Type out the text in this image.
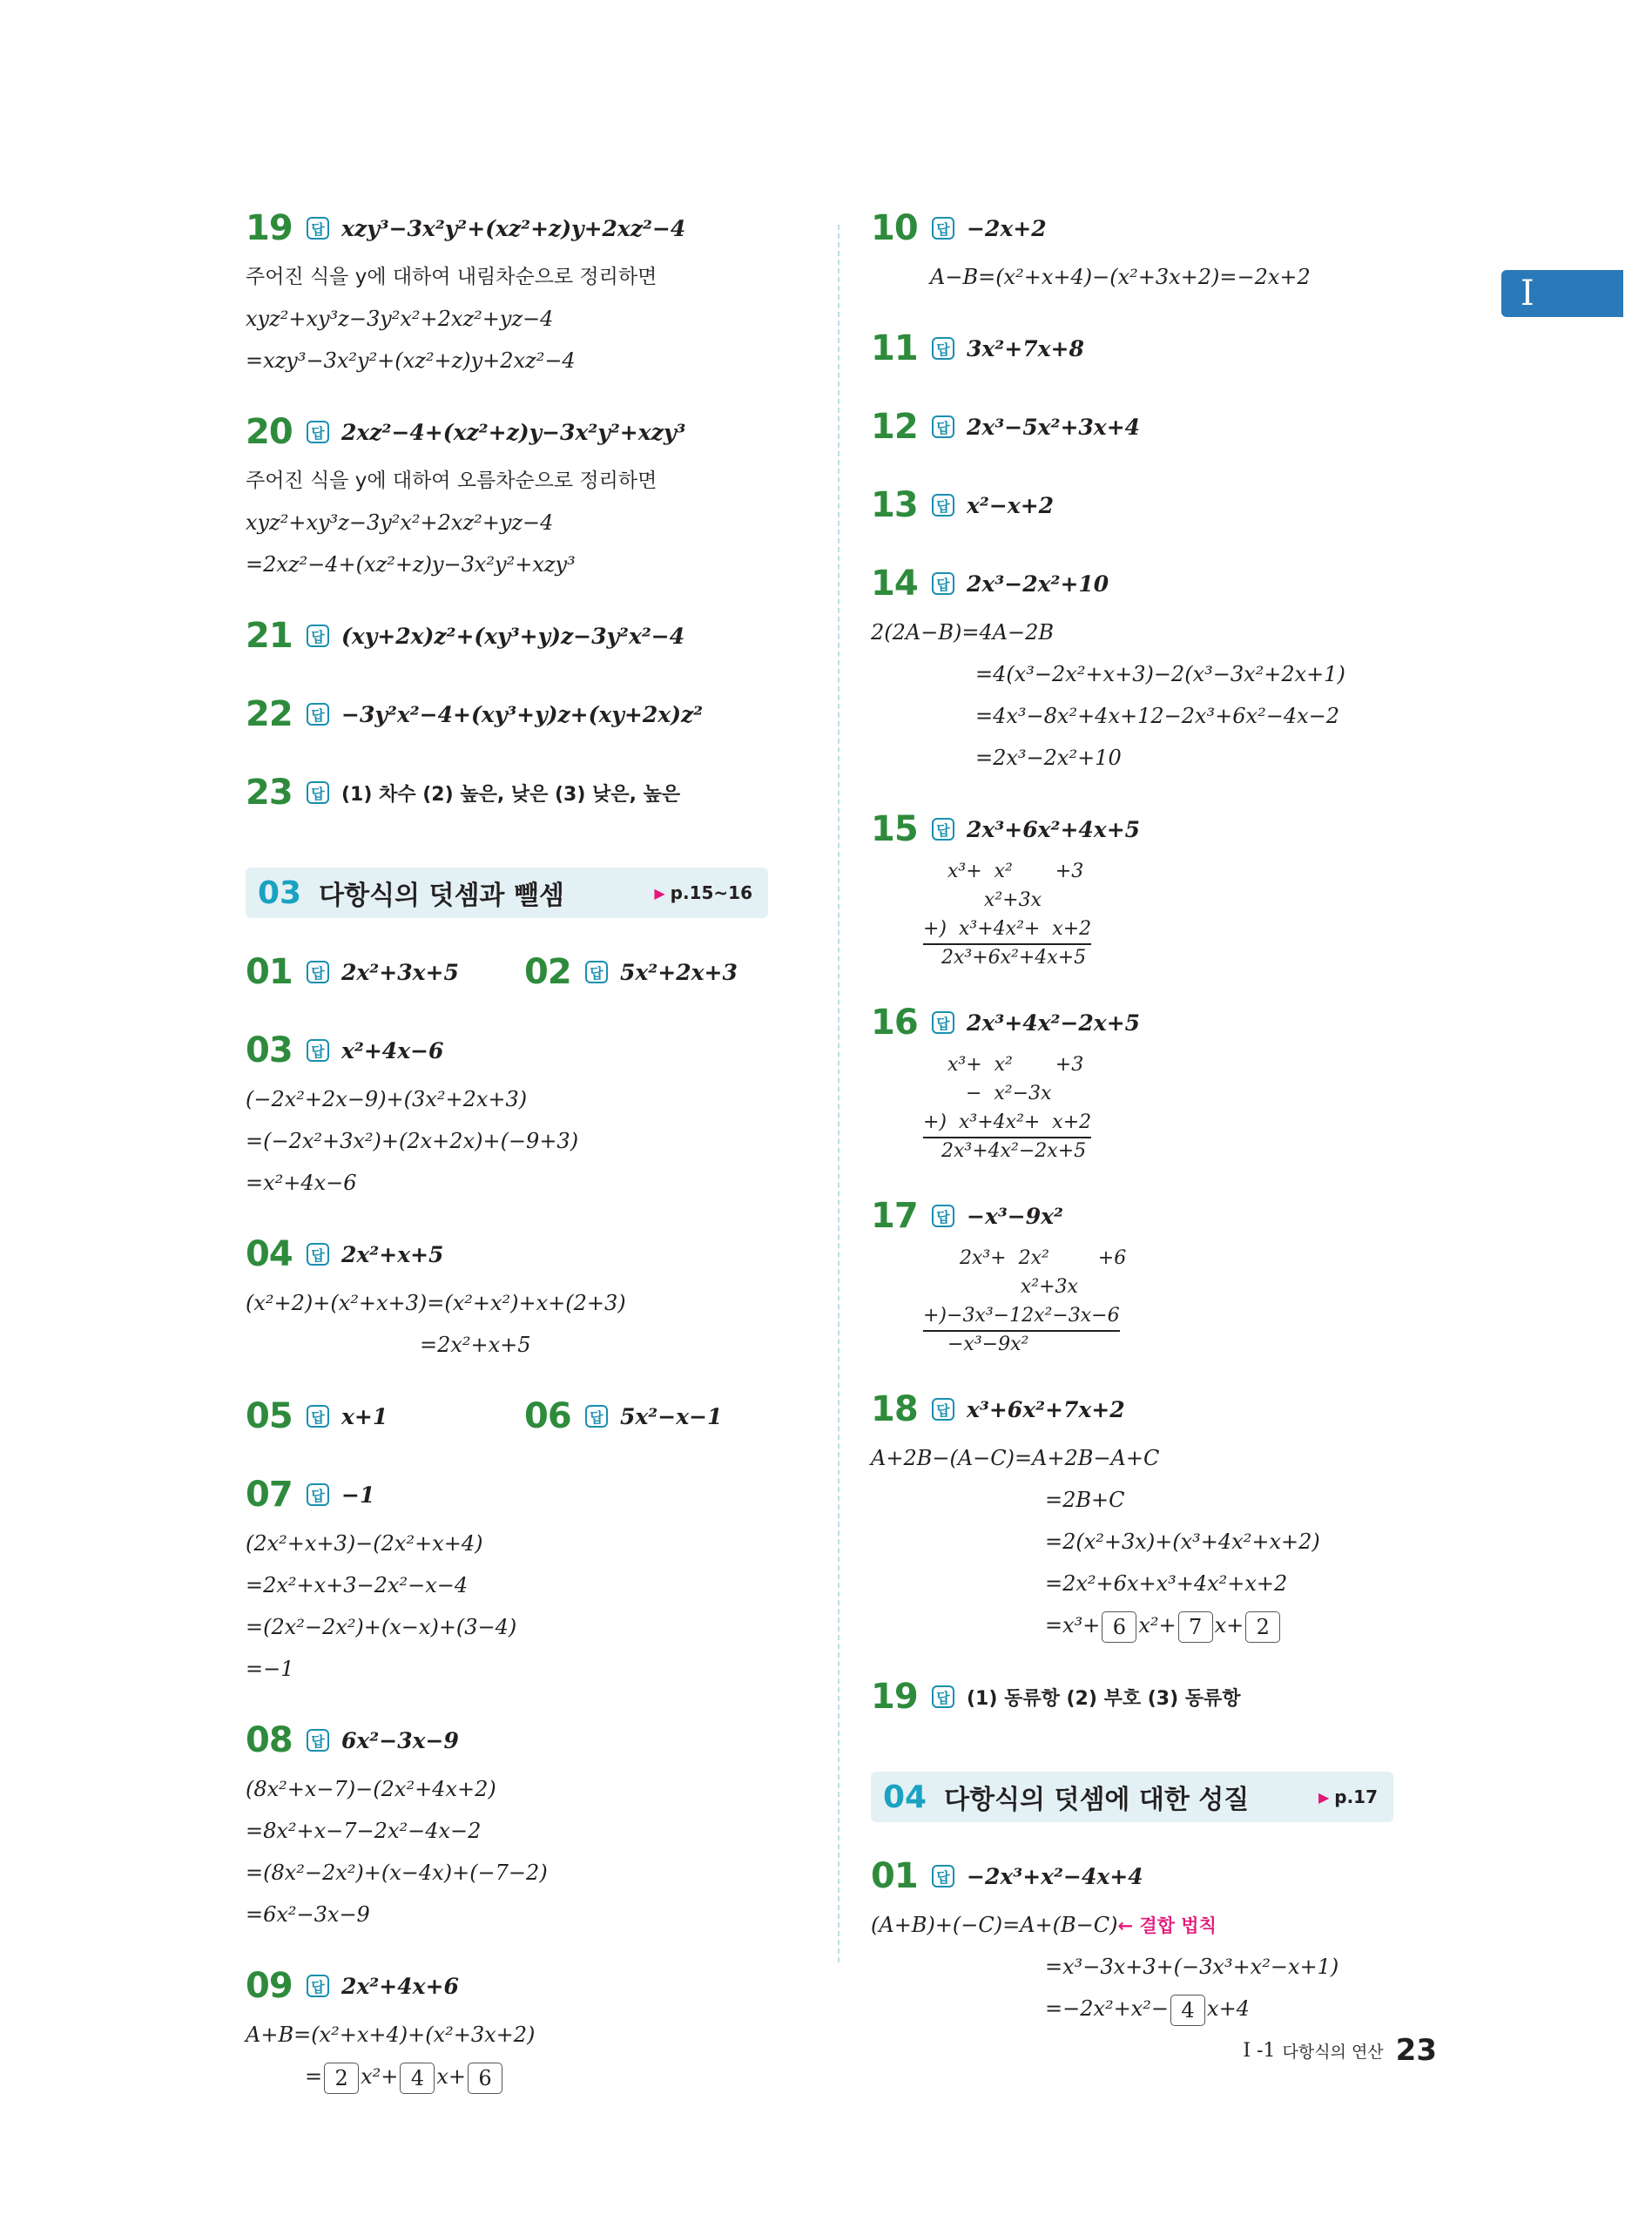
I
19	답 xzy³−3x²y²+(xz²+z)y+2xz²−4
주어진 식을 y에 대하여 내림차순으로 정리하면
xyz²+xy³z−3y²x²+2xz²+yz−4
=xzy³−3x²y²+(xz²+z)y+2xz²−4
20	답 2xz²−4+(xz²+z)y−3x²y²+xzy³
주어진 식을 y에 대하여 오름차순으로 정리하면
xyz²+xy³z−3y²x²+2xz²+yz−4
=2xz²−4+(xz²+z)y−3x²y²+xzy³
21	답 (xy+2x)z²+(xy³+y)z−3y²x²−4
22	답 −3y²x²−4+(xy³+y)z+(xy+2x)z²
23	답 (1) 차수 (2) 높은, 낮은 (3) 낮은, 높은
03 다항식의 덧셈과 뺄셈	▶ p.15~16
01	답 2x²+3x+5 02	답 5x²+2x+3
03	답 x²+4x−6
(−2x²+2x−9)+(3x²+2x+3)
=(−2x²+3x²)+(2x+2x)+(−9+3)
=x²+4x−6
04	답 2x²+x+5
(x²+2)+(x²+x+3)=(x²+x²)+x+(2+3)
=2x²+x+5
05	답 x+1	06	답 5x²−x−1
07	답 −1
(2x²+x+3)−(2x²+x+4)
=2x²+x+3−2x²−x−4
=(2x²−2x²)+(x−x)+(3−4)
=−1
08	답 6x²−3x−9
(8x²+x−7)−(2x²+4x+2)
=8x²+x−7−2x²−4x−2
=(8x²−2x²)+(x−4x)+(−7−2)
=6x²−3x−9
09	답 2x²+4x+6
A+B=(x²+x+4)+(x²+3x+2)
= 2 x²+ 4 x+ 6
10	답 −2x+2
A−B=(x²+x+4)−(x²+3x+2)=−2x+2
11	답 3x²+7x+8
12	답 2x³−5x²+3x+4
13	답 x²−x+2
14	답 2x³−2x²+10
2(2A−B)=4A−2B
=4(x³−2x²+x+3)−2(x³−3x²+2x+1)
=4x³−8x²+4x+12−2x³+6x²−4x−2
=2x³−2x²+10
15	답 2x³+6x²+4x+5
x³+  x²       +3
x²+3x
+)  x³+4x²+  x+2
2x³+6x²+4x+5
16	답 2x³+4x²−2x+5
x³+  x²       +3
−  x²−3x
+)  x³+4x²+  x+2
2x³+4x²−2x+5
17	답 −x³−9x²
2x³+  2x²        +6
x²+3x
+)−3x³−12x²−3x−6
−x³−9x²
18	답 x³+6x²+7x+2
A+2B−(A−C)=A+2B−A+C
=2B+C
=2(x²+3x)+(x³+4x²+x+2)
=2x²+6x+x³+4x²+x+2
=x³+ 6 x²+ 7 x+ 2
19	답 (1) 동류항 (2) 부호 (3) 동류항
04 다항식의 덧셈에 대한 성질	▶ p.17
01	답 −2x³+x²−4x+4
(A+B)+(−C)=A+(B−C)← 결합 법칙
=x³−3x+3+(−3x³+x²−x+1)
=−2x²+x²− 4 x+4
I -1 다항식의 연산 23
